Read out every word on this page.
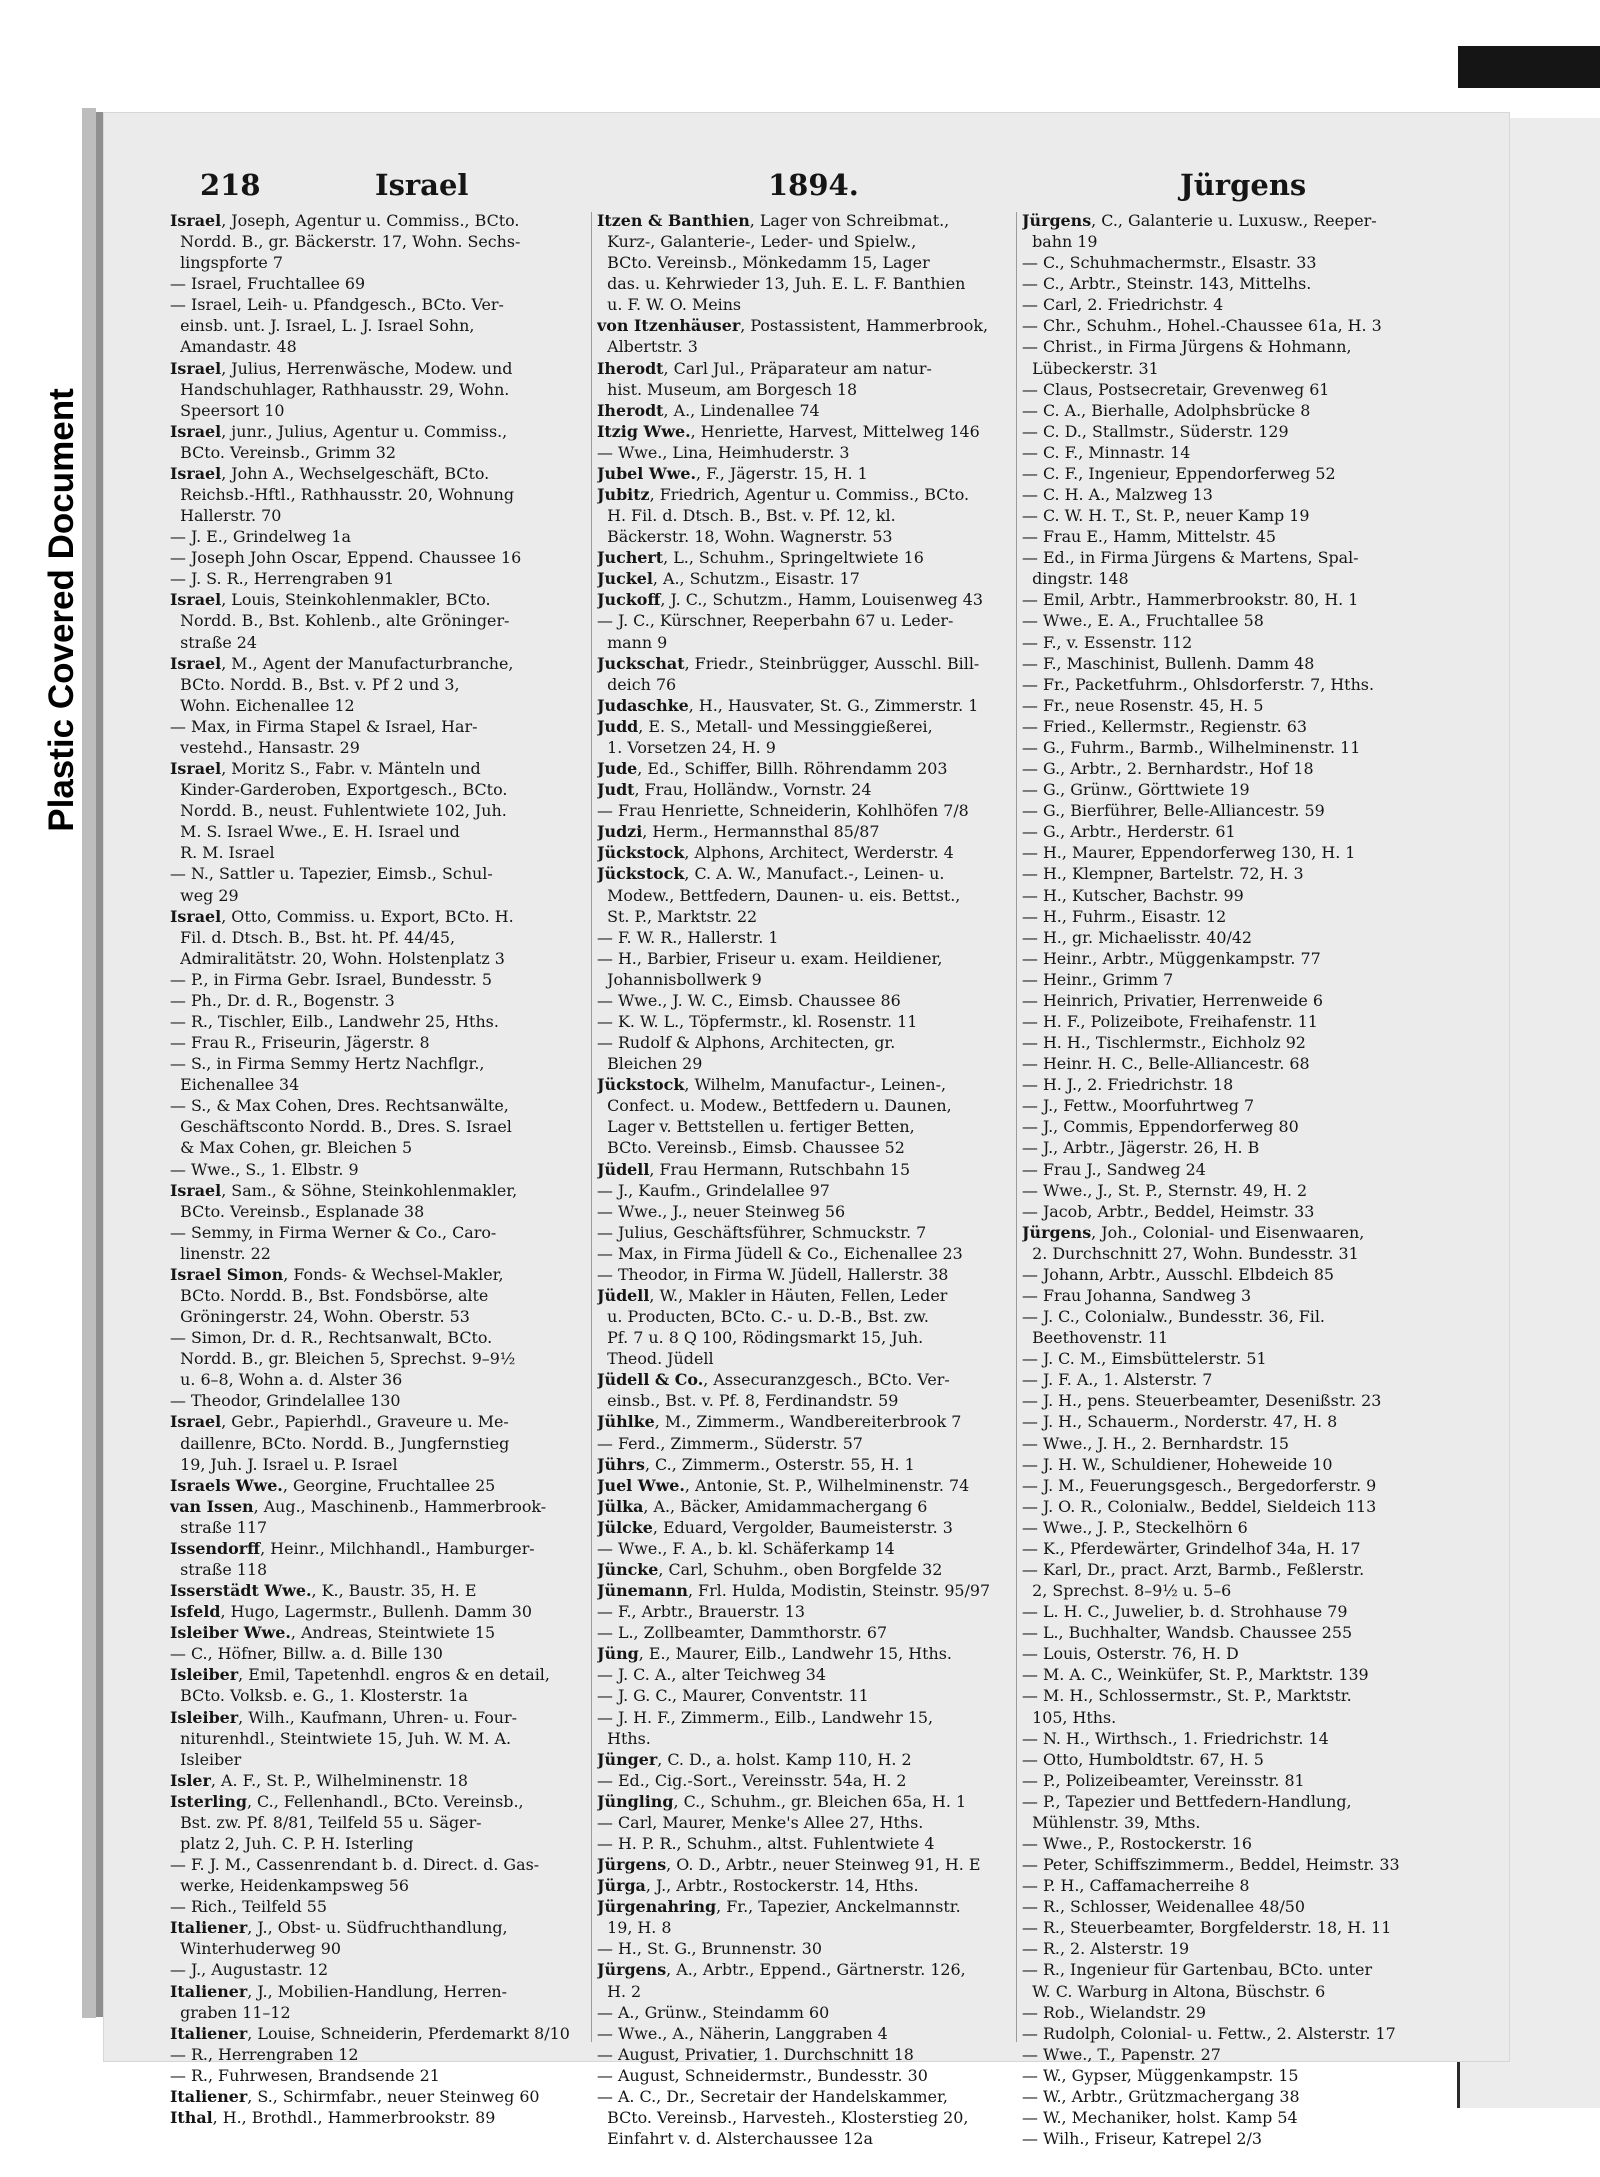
Plastic Covered Document
218	Israel	1894.	Jürgens
Israel, Joseph, Agentur u. Commiss., BCto.
Nordd. B., gr. Bäckerstr. 17, Wohn. Sechs-
lingspforte 7
— Israel, Fruchtallee 69
— Israel, Leih- u. Pfandgesch., BCto. Ver-
einsb. unt. J. Israel, L. J. Israel Sohn,
Amandastr. 48
Israel, Julius, Herrenwäsche, Modew. und
Handschuhlager, Rathhausstr. 29, Wohn.
Speersort 10
Israel, junr., Julius, Agentur u. Commiss.,
BCto. Vereinsb., Grimm 32
Israel, John A., Wechselgeschäft, BCto.
Reichsb.-Hftl., Rathhausstr. 20, Wohnung
Hallerstr. 70
— J. E., Grindelweg 1a
— Joseph John Oscar, Eppend. Chaussee 16
— J. S. R., Herrengraben 91
Israel, Louis, Steinkohlenmakler, BCto.
Nordd. B., Bst. Kohlenb., alte Gröninger-
straße 24
Israel, M., Agent der Manufacturbranche,
BCto. Nordd. B., Bst. v. Pf 2 und 3,
Wohn. Eichenallee 12
— Max, in Firma Stapel & Israel, Har-
vestehd., Hansastr. 29
Israel, Moritz S., Fabr. v. Mänteln und
Kinder-Garderoben, Exportgesch., BCto.
Nordd. B., neust. Fuhlentwiete 102, Juh.
M. S. Israel Wwe., E. H. Israel und
R. M. Israel
— N., Sattler u. Tapezier, Eimsb., Schul-
weg 29
Israel, Otto, Commiss. u. Export, BCto. H.
Fil. d. Dtsch. B., Bst. ht. Pf. 44/45,
Admiralitätstr. 20, Wohn. Holstenplatz 3
— P., in Firma Gebr. Israel, Bundesstr. 5
— Ph., Dr. d. R., Bogenstr. 3
— R., Tischler, Eilb., Landwehr 25, Hths.
— Frau R., Friseurin, Jägerstr. 8
— S., in Firma Semmy Hertz Nachflgr.,
Eichenallee 34
— S., & Max Cohen, Dres. Rechtsanwälte,
Geschäftsconto Nordd. B., Dres. S. Israel
& Max Cohen, gr. Bleichen 5
— Wwe., S., 1. Elbstr. 9
Israel, Sam., & Söhne, Steinkohlenmakler,
BCto. Vereinsb., Esplanade 38
— Semmy, in Firma Werner & Co., Caro-
linenstr. 22
Israel Simon, Fonds- & Wechsel-Makler,
BCto. Nordd. B., Bst. Fondsbörse, alte
Gröningerstr. 24, Wohn. Oberstr. 53
— Simon, Dr. d. R., Rechtsanwalt, BCto.
Nordd. B., gr. Bleichen 5, Sprechst. 9–9½
u. 6–8, Wohn a. d. Alster 36
— Theodor, Grindelallee 130
Israel, Gebr., Papierhdl., Graveure u. Me-
daillenre, BCto. Nordd. B., Jungfernstieg
19, Juh. J. Israel u. P. Israel
Israels Wwe., Georgine, Fruchtallee 25
van Issen, Aug., Maschinenb., Hammerbrook-
straße 117
Issendorff, Heinr., Milchhandl., Hamburger-
straße 118
Isserstädt Wwe., K., Baustr. 35, H. E
Isfeld, Hugo, Lagermstr., Bullenh. Damm 30
Isleiber Wwe., Andreas, Steintwiete 15
— C., Höfner, Billw. a. d. Bille 130
Isleiber, Emil, Tapetenhdl. engros & en detail,
BCto. Volksb. e. G., 1. Klosterstr. 1a
Isleiber, Wilh., Kaufmann, Uhren- u. Four-
niturenhdl., Steintwiete 15, Juh. W. M. A.
Isleiber
Isler, A. F., St. P., Wilhelminenstr. 18
Isterling, C., Fellenhandl., BCto. Vereinsb.,
Bst. zw. Pf. 8/81, Teilfeld 55 u. Säger-
platz 2, Juh. C. P. H. Isterling
— F. J. M., Cassenrendant b. d. Direct. d. Gas-
werke, Heidenkampsweg 56
— Rich., Teilfeld 55
Italiener, J., Obst- u. Südfruchthandlung,
Winterhuderweg 90
— J., Augustastr. 12
Italiener, J., Mobilien-Handlung, Herren-
graben 11–12
Italiener, Louise, Schneiderin, Pferdemarkt 8/10
— R., Herrengraben 12
— R., Fuhrwesen, Brandsende 21
Italiener, S., Schirmfabr., neuer Steinweg 60
Ithal, H., Brothdl., Hammerbrookstr. 89
Itzen & Banthien, Lager von Schreibmat.,
Kurz-, Galanterie-, Leder- und Spielw.,
BCto. Vereinsb., Mönkedamm 15, Lager
das. u. Kehrwieder 13, Juh. E. L. F. Banthien
u. F. W. O. Meins
von Itzenhäuser, Postassistent, Hammerbrook,
Albertstr. 3
Iherodt, Carl Jul., Präparateur am natur-
hist. Museum, am Borgesch 18
Iherodt, A., Lindenallee 74
Itzig Wwe., Henriette, Harvest, Mittelweg 146
— Wwe., Lina, Heimhuderstr. 3
Jubel Wwe., F., Jägerstr. 15, H. 1
Jubitz, Friedrich, Agentur u. Commiss., BCto.
H. Fil. d. Dtsch. B., Bst. v. Pf. 12, kl.
Bäckerstr. 18, Wohn. Wagnerstr. 53
Juchert, L., Schuhm., Springeltwiete 16
Juckel, A., Schutzm., Eisastr. 17
Juckoff, J. C., Schutzm., Hamm, Louisenweg 43
— J. C., Kürschner, Reeperbahn 67 u. Leder-
mann 9
Juckschat, Friedr., Steinbrügger, Ausschl. Bill-
deich 76
Judaschke, H., Hausvater, St. G., Zimmerstr. 1
Judd, E. S., Metall- und Messinggießerei,
1. Vorsetzen 24, H. 9
Jude, Ed., Schiffer, Billh. Röhrendamm 203
Judt, Frau, Holländw., Vornstr. 24
— Frau Henriette, Schneiderin, Kohlhöfen 7/8
Judzi, Herm., Hermannsthal 85/87
Jückstock, Alphons, Architect, Werderstr. 4
Jückstock, C. A. W., Manufact.-, Leinen- u.
Modew., Bettfedern, Daunen- u. eis. Bettst.,
St. P., Marktstr. 22
— F. W. R., Hallerstr. 1
— H., Barbier, Friseur u. exam. Heildiener,
Johannisbollwerk 9
— Wwe., J. W. C., Eimsb. Chaussee 86
— K. W. L., Töpfermstr., kl. Rosenstr. 11
— Rudolf & Alphons, Architecten, gr.
Bleichen 29
Jückstock, Wilhelm, Manufactur-, Leinen-,
Confect. u. Modew., Bettfedern u. Daunen,
Lager v. Bettstellen u. fertiger Betten,
BCto. Vereinsb., Eimsb. Chaussee 52
Jüdell, Frau Hermann, Rutschbahn 15
— J., Kaufm., Grindelallee 97
— Wwe., J., neuer Steinweg 56
— Julius, Geschäftsführer, Schmuckstr. 7
— Max, in Firma Jüdell & Co., Eichenallee 23
— Theodor, in Firma W. Jüdell, Hallerstr. 38
Jüdell, W., Makler in Häuten, Fellen, Leder
u. Producten, BCto. C.- u. D.-B., Bst. zw.
Pf. 7 u. 8 Q 100, Rödingsmarkt 15, Juh.
Theod. Jüdell
Jüdell & Co., Assecuranzgesch., BCto. Ver-
einsb., Bst. v. Pf. 8, Ferdinandstr. 59
Jühlke, M., Zimmerm., Wandbereiterbrook 7
— Ferd., Zimmerm., Süderstr. 57
Jührs, C., Zimmerm., Osterstr. 55, H. 1
Juel Wwe., Antonie, St. P., Wilhelminenstr. 74
Jülka, A., Bäcker, Amidammachergang 6
Jülcke, Eduard, Vergolder, Baumeisterstr. 3
— Wwe., F. A., b. kl. Schäferkamp 14
Jüncke, Carl, Schuhm., oben Borgfelde 32
Jünemann, Frl. Hulda, Modistin, Steinstr. 95/97
— F., Arbtr., Brauerstr. 13
— L., Zollbeamter, Dammthorstr. 67
Jüng, E., Maurer, Eilb., Landwehr 15, Hths.
— J. C. A., alter Teichweg 34
— J. G. C., Maurer, Conventstr. 11
— J. H. F., Zimmerm., Eilb., Landwehr 15,
Hths.
Jünger, C. D., a. holst. Kamp 110, H. 2
— Ed., Cig.-Sort., Vereinsstr. 54a, H. 2
Jüngling, C., Schuhm., gr. Bleichen 65a, H. 1
— Carl, Maurer, Menke's Allee 27, Hths.
— H. P. R., Schuhm., altst. Fuhlentwiete 4
Jürgens, O. D., Arbtr., neuer Steinweg 91, H. E
Jürga, J., Arbtr., Rostockerstr. 14, Hths.
Jürgenahring, Fr., Tapezier, Anckelmannstr.
19, H. 8
— H., St. G., Brunnenstr. 30
Jürgens, A., Arbtr., Eppend., Gärtnerstr. 126,
H. 2
— A., Grünw., Steindamm 60
— Wwe., A., Näherin, Langgraben 4
— August, Privatier, 1. Durchschnitt 18
— August, Schneidermstr., Bundesstr. 30
— A. C., Dr., Secretair der Handelskammer,
BCto. Vereinsb., Harvesteh., Klosterstieg 20,
Einfahrt v. d. Alsterchaussee 12a
Jürgens, C., Galanterie u. Luxusw., Reeper-
bahn 19
— C., Schuhmachermstr., Elsastr. 33
— C., Arbtr., Steinstr. 143, Mittelhs.
— Carl, 2. Friedrichstr. 4
— Chr., Schuhm., Hohel.-Chaussee 61a, H. 3
— Christ., in Firma Jürgens & Hohmann,
Lübeckerstr. 31
— Claus, Postsecretair, Grevenweg 61
— C. A., Bierhalle, Adolphsbrücke 8
— C. D., Stallmstr., Süderstr. 129
— C. F., Minnastr. 14
— C. F., Ingenieur, Eppendorferweg 52
— C. H. A., Malzweg 13
— C. W. H. T., St. P., neuer Kamp 19
— Frau E., Hamm, Mittelstr. 45
— Ed., in Firma Jürgens & Martens, Spal-
dingstr. 148
— Emil, Arbtr., Hammerbrookstr. 80, H. 1
— Wwe., E. A., Fruchtallee 58
— F., v. Essenstr. 112
— F., Maschinist, Bullenh. Damm 48
— Fr., Packetfuhrm., Ohlsdorferstr. 7, Hths.
— Fr., neue Rosenstr. 45, H. 5
— Fried., Kellermstr., Regienstr. 63
— G., Fuhrm., Barmb., Wilhelminenstr. 11
— G., Arbtr., 2. Bernhardstr., Hof 18
— G., Grünw., Görttwiete 19
— G., Bierführer, Belle-Alliancestr. 59
— G., Arbtr., Herderstr. 61
— H., Maurer, Eppendorferweg 130, H. 1
— H., Klempner, Bartelstr. 72, H. 3
— H., Kutscher, Bachstr. 99
— H., Fuhrm., Eisastr. 12
— H., gr. Michaelisstr. 40/42
— Heinr., Arbtr., Müggenkampstr. 77
— Heinr., Grimm 7
— Heinrich, Privatier, Herrenweide 6
— H. F., Polizeibote, Freihafenstr. 11
— H. H., Tischlermstr., Eichholz 92
— Heinr. H. C., Belle-Alliancestr. 68
— H. J., 2. Friedrichstr. 18
— J., Fettw., Moorfuhrtweg 7
— J., Commis, Eppendorferweg 80
— J., Arbtr., Jägerstr. 26, H. B
— Frau J., Sandweg 24
— Wwe., J., St. P., Sternstr. 49, H. 2
— Jacob, Arbtr., Beddel, Heimstr. 33
Jürgens, Joh., Colonial- und Eisenwaaren,
2. Durchschnitt 27, Wohn. Bundesstr. 31
— Johann, Arbtr., Ausschl. Elbdeich 85
— Frau Johanna, Sandweg 3
— J. C., Colonialw., Bundesstr. 36, Fil.
Beethovenstr. 11
— J. C. M., Eimsbüttelerstr. 51
— J. F. A., 1. Alsterstr. 7
— J. H., pens. Steuerbeamter, Desenißstr. 23
— J. H., Schauerm., Norderstr. 47, H. 8
— Wwe., J. H., 2. Bernhardstr. 15
— J. H. W., Schuldiener, Hoheweide 10
— J. M., Feuerungsgesch., Bergedorferstr. 9
— J. O. R., Colonialw., Beddel, Sieldeich 113
— Wwe., J. P., Steckelhörn 6
— K., Pferdewärter, Grindelhof 34a, H. 17
— Karl, Dr., pract. Arzt, Barmb., Feßlerstr.
2, Sprechst. 8–9½ u. 5–6
— L. H. C., Juwelier, b. d. Strohhause 79
— L., Buchhalter, Wandsb. Chaussee 255
— Louis, Osterstr. 76, H. D
— M. A. C., Weinküfer, St. P., Marktstr. 139
— M. H., Schlossermstr., St. P., Marktstr.
105, Hths.
— N. H., Wirthsch., 1. Friedrichstr. 14
— Otto, Humboldtstr. 67, H. 5
— P., Polizeibeamter, Vereinsstr. 81
— P., Tapezier und Bettfedern-Handlung,
Mühlenstr. 39, Mths.
— Wwe., P., Rostockerstr. 16
— Peter, Schiffszimmerm., Beddel, Heimstr. 33
— P. H., Caffamacherreihe 8
— R., Schlosser, Weidenallee 48/50
— R., Steuerbeamter, Borgfelderstr. 18, H. 11
— R., 2. Alsterstr. 19
— R., Ingenieur für Gartenbau, BCto. unter
W. C. Warburg in Altona, Büschstr. 6
— Rob., Wielandstr. 29
— Rudolph, Colonial- u. Fettw., 2. Alsterstr. 17
— Wwe., T., Papenstr. 27
— W., Gypser, Müggenkampstr. 15
— W., Arbtr., Grützmachergang 38
— W., Mechaniker, holst. Kamp 54
— Wilh., Friseur, Katrepel 2/3
